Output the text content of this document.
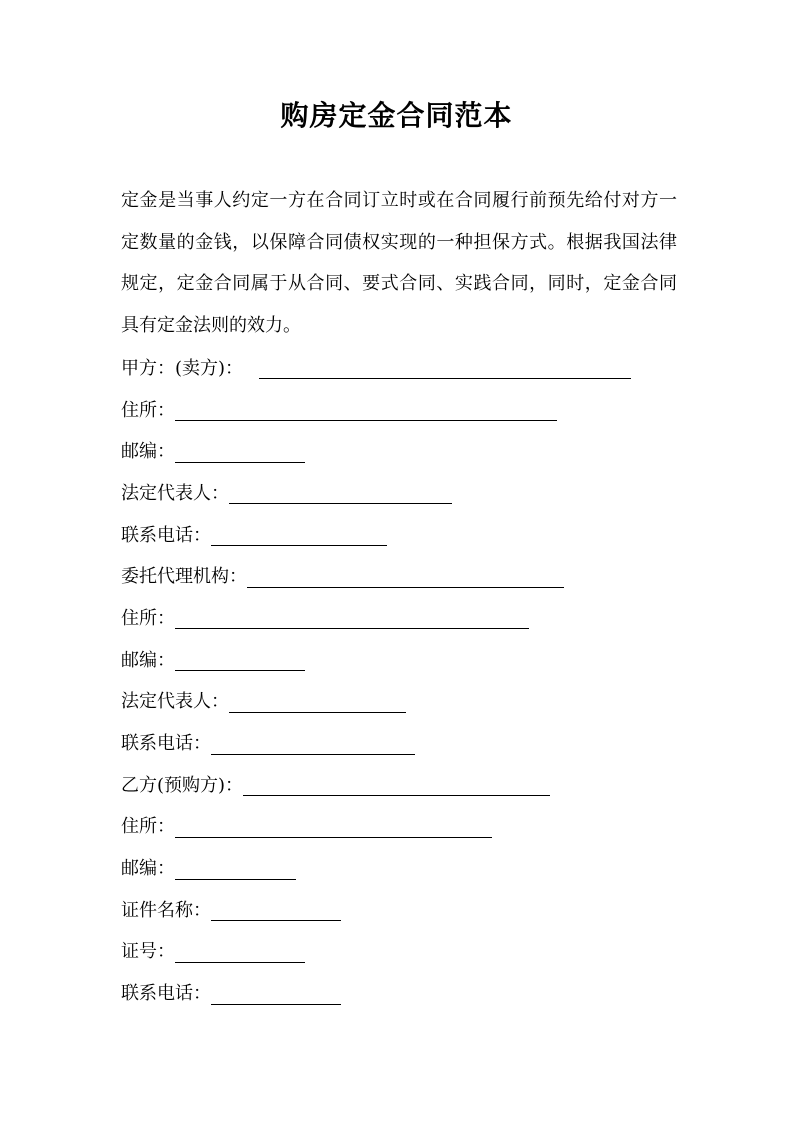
购房定金合同范本

定金是当事人约定一方在合同订立时或在合同履行前预先给付对方一定数量的金钱，以保障合同债权实现的一种担保方式。根据我国法律规定，定金合同属于从合同、要式合同、实践合同，同时，定金合同具有定金法则的效力。

甲方：(卖方)：
住所：
邮编：
法定代表人：
联系电话：
委托代理机构：
住所：
邮编：
法定代表人：
联系电话：
乙方(预购方)：
住所：
邮编：
证件名称：
证号：
联系电话：
